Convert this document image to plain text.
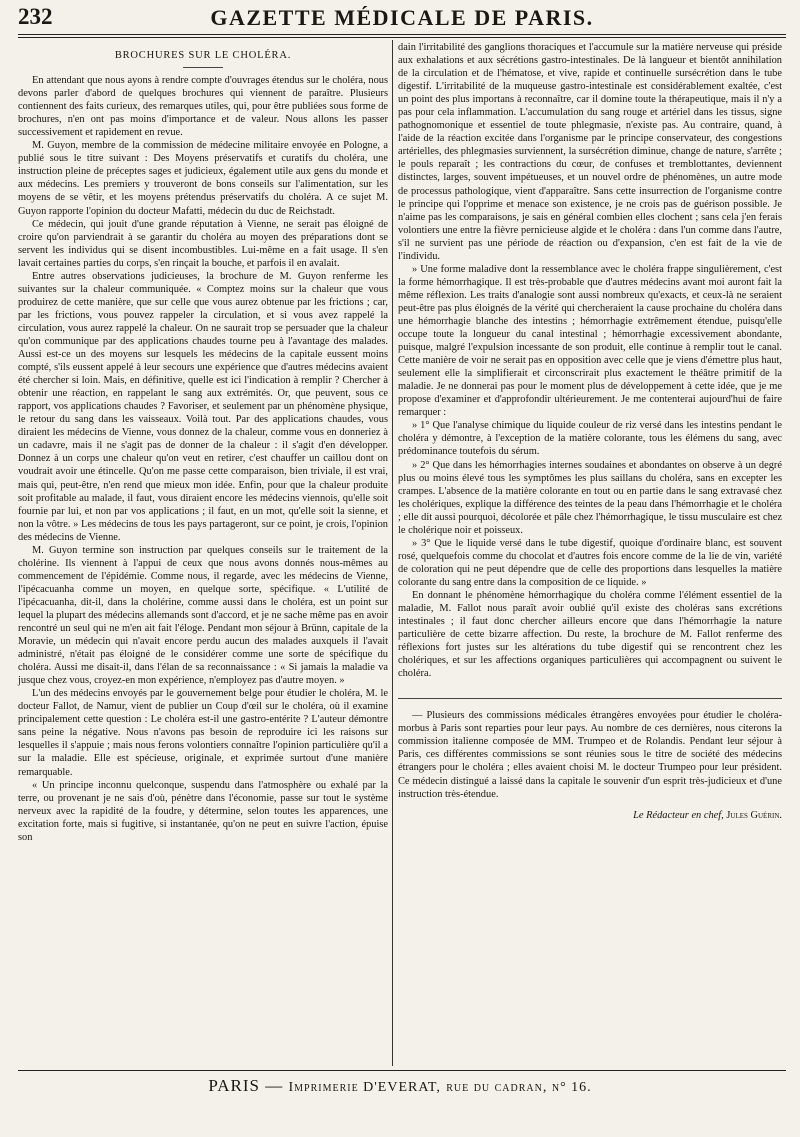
232	GAZETTE MÉDICALE DE PARIS.
BROCHURES SUR LE CHOLÉRA.

En attendant que nous ayons à rendre compte d'ouvrages étendus sur le choléra, nous devons parler d'abord de quelques brochures qui viennent de paraître. Plusieurs contiennent des faits curieux, des remarques utiles, qui, pour être publiées sous forme de brochures, n'en ont pas moins d'importance et de valeur. Nous allons les passer successivement et rapidement en revue.

M. Guyon, membre de la commission de médecine militaire envoyée en Pologne, a publié sous le titre suivant : Des Moyens préservatifs et curatifs du choléra, une instruction pleine de préceptes sages et judicieux, également utile aux gens du monde et aux médecins. Les premiers y trouveront de bons conseils sur l'alimentation, sur les moyens de se vêtir, et les moyens prétendus préservatifs du choléra. A ce sujet M. Guyon rapporte l'opinion du docteur Mafatti, médecin du duc de Reichstadt.

Ce médecin, qui jouit d'une grande réputation à Vienne, ne serait pas éloigné de croire qu'on parviendrait à se garantir du choléra au moyen des préparations dont se servent les individus qui se disent incombustibles. Lui-même en a fait usage. Il s'en lavait certaines parties du corps, s'en rinçait la bouche, et parfois il en avalait.

Entre autres observations judicieuses, la brochure de M. Guyon renferme les suivantes sur la chaleur communiquée. « Comptez moins sur la chaleur que vous produirez de cette manière, que sur celle que vous aurez obtenue par les frictions ; car, par les frictions, vous pouvez rappeler la circulation, et si vous avez rappelé la circulation, vous aurez rappelé la chaleur. On ne saurait trop se persuader que la chaleur qu'on communique par des applications chaudes tourne peu à l'avantage des malades. Aussi est-ce un des moyens sur lesquels les médecins de la capitale eussent moins compté, s'ils eussent appelé à leur secours une expérience que d'autres médecins avaient été chercher si loin. Mais, en définitive, quelle est ici l'indication à remplir ? Chercher à obtenir une réaction, en rappelant le sang aux extrémités. Or, que peuvent, sous ce rapport, vos applications chaudes ? Favoriser, et seulement par un phénomène physique, le retour du sang dans les vaisseaux. Voilà tout. Par des applications chaudes, vous diraient les médecins de Vienne, vous donnez de la chaleur, comme vous en donneriez à un cadavre, mais il ne s'agit pas de donner de la chaleur : il s'agit d'en développer. Donnez à un corps une chaleur qu'on veut en retirer, c'est chauffer un caillou dont on voudrait avoir une étincelle. Qu'on me passe cette comparaison, bien triviale, il est vrai, mais qui, peut-être, n'en rend que mieux mon idée. Enfin, pour que la chaleur produite soit profitable au malade, il faut, vous diraient encore les médecins viennois, qu'elle soit fournie par lui, et non par vos applications ; il faut, en un mot, qu'elle soit la sienne, et non la vôtre. » Les médecins de tous les pays partageront, sur ce point, je crois, l'opinion des médecins de Vienne.

M. Guyon termine son instruction par quelques conseils sur le traitement de la cholérine. Ils viennent à l'appui de ceux que nous avons donnés nous-mêmes au commencement de l'épidémie. Comme nous, il regarde, avec les médecins de Vienne, l'ipécacuanha comme un moyen, en quelque sorte, spécifique. « L'utilité de l'ipécacuanha, dit-il, dans la cholérine, comme aussi dans le choléra, est un point sur lequel la plupart des médecins allemands sont d'accord, et je ne sache même pas en avoir rencontré un seul qui ne m'en ait fait l'éloge. Pendant mon séjour à Brünn, capitale de la Moravie, un médecin qui n'avait encore perdu aucun des malades auxquels il l'avait administré, n'était pas éloigné de le considérer comme une sorte de spécifique du choléra. Aussi me disait-il, dans l'élan de sa reconnaissance : « Si jamais la maladie va jusque chez vous, croyez-en mon expérience, n'employez pas d'autre moyen. »

L'un des médecins envoyés par le gouvernement belge pour étudier le choléra, M. le docteur Fallot, de Namur, vient de publier un Coup d'œil sur le choléra, où il examine principalement cette question : Le choléra est-il une gastro-entérite ? L'auteur démontre sans peine la négative. Nous n'avons pas besoin de reproduire ici les raisons sur lesquelles il s'appuie ; mais nous ferons volontiers connaître l'opinion particulière qu'il a sur la maladie. Elle est spécieuse, originale, et exprimée surtout d'une manière remarquable.

« Un principe inconnu quelconque, suspendu dans l'atmosphère ou exhalé par la terre, ou provenant je ne sais d'où, pénètre dans l'économie, passe sur tout le système nerveux avec la rapidité de la foudre, y détermine, selon toutes les apparences, une excitation forte, mais si fugitive, si instantanée, qu'on ne peut en suivre l'action, épuise son

dain l'irritabilité des ganglions thoraciques et l'accumule sur la matière nerveuse qui préside aux exhalations et aux sécrétions gastro-intestinales. De là langueur et bientôt annihilation de la circulation et de l'hématose, et vive, rapide et continuelle sursécrétion dans le tube digestif. L'irritabilité de la muqueuse gastro-intestinale est considérablement exaltée, c'est un point des plus importans à reconnaître, car il domine toute la thérapeutique, mais il n'y a pas pour cela inflammation. L'accumulation du sang rouge et artériel dans les tissus, signe pathognomonique et essentiel de toute phlegmasie, n'existe pas. Au contraire, quand, à l'aide de la réaction excitée dans l'organisme par le principe conservateur, des congestions artérielles, des phlegmasies surviennent, la sursécrétion diminue, change de nature, s'arrête ; le pouls reparaît ; les contractions du cœur, de confuses et tremblottantes, deviennent distinctes, larges, souvent impétueuses, et un nouvel ordre de phénomènes, un autre mode de processus pathologique, vient d'apparaître. Sans cette insurrection de l'organisme contre le principe qui l'opprime et menace son existence, je ne crois pas de guérison possible. Je n'aime pas les comparaisons, je sais en général combien elles clochent ; sans cela j'en ferais volontiers une entre la fièvre pernicieuse algide et le choléra : dans l'un comme dans l'autre, s'il ne survient pas une période de réaction ou d'expansion, c'en est fait de la vie de l'individu.

» Une forme maladive dont la ressemblance avec le choléra frappe singulièrement, c'est la forme hémorrhagique. Il est très-probable que d'autres médecins avant moi auront fait la même réflexion. Les traits d'analogie sont aussi nombreux qu'exacts, et ceux-là ne seraient peut-être pas plus éloignés de la vérité qui chercheraient la cause prochaine du choléra dans une hémorrhagie blanche des intestins ; hémorrhagie extrêmement étendue, puisqu'elle occupe toute la longueur du canal intestinal ; hémorrhagie excessivement abondante, puisque, malgré l'expulsion incessante de son produit, elle continue à remplir tout le canal. Cette manière de voir ne serait pas en opposition avec celle que je viens d'émettre plus haut, seulement elle la simplifierait et circonscrirait plus exactement le théâtre primitif de la maladie. Je ne donnerai pas pour le moment plus de développement à cette idée, que je me propose d'examiner et d'approfondir ultérieurement. Je me contenterai aujourd'hui de faire remarquer :

» 1° Que l'analyse chimique du liquide couleur de riz versé dans les intestins pendant le choléra y démontre, à l'exception de la matière colorante, tous les élémens du sang, avec prédominance toutefois du sérum.

» 2° Que dans les hémorrhagies internes soudaines et abondantes on observe à un degré plus ou moins élevé tous les symptômes les plus saillans du choléra, sans en excepter les crampes. L'absence de la matière colorante en tout ou en partie dans le sang extravasé chez les cholériques, explique la différence des teintes de la peau dans l'hémorrhagie et le choléra ; elle dit aussi pourquoi, décolorée et pâle chez l'hémorrhagique, le tissu musculaire est chez le cholérique noir et poisseux.

» 3° Que le liquide versé dans le tube digestif, quoique d'ordinaire blanc, est souvent rosé, quelquefois comme du chocolat et d'autres fois encore comme de la lie de vin, variété de coloration qui ne peut dépendre que de celle des proportions dans lesquelles la matière colorante du sang entre dans la composition de ce liquide. »

En donnant le phénomène hémorrhagique du choléra comme l'élément essentiel de la maladie, M. Fallot nous paraît avoir oublié qu'il existe des choléras sans excrétions intestinales ; il faut donc chercher ailleurs encore que dans l'hémorrhagie la nature particulière de cette bizarre affection. Du reste, la brochure de M. Fallot renferme des réflexions fort justes sur les altérations du tube digestif qui se rencontrent chez les cholériques, et sur les affections organiques particulières qui accompagnent ou suivent le choléra.

— Plusieurs des commissions médicales étrangères envoyées pour étudier le choléra-morbus à Paris sont reparties pour leur pays. Au nombre de ces dernières, nous citerons la commission italienne composée de MM. Trumpeo et de Rolandis. Pendant leur séjour à Paris, ces différentes commissions se sont réunies sous le titre de société des médecins étrangers pour le choléra ; elles avaient choisi M. le docteur Trumpeo pour leur président. Ce médecin distingué a laissé dans la capitale le souvenir d'un esprit très-judicieux et d'une instruction très-étendue.

Le Rédacteur en chef, Jules Guérin.
PARIS — Imprimerie D'EVERAT, rue du cadran, n° 16.
